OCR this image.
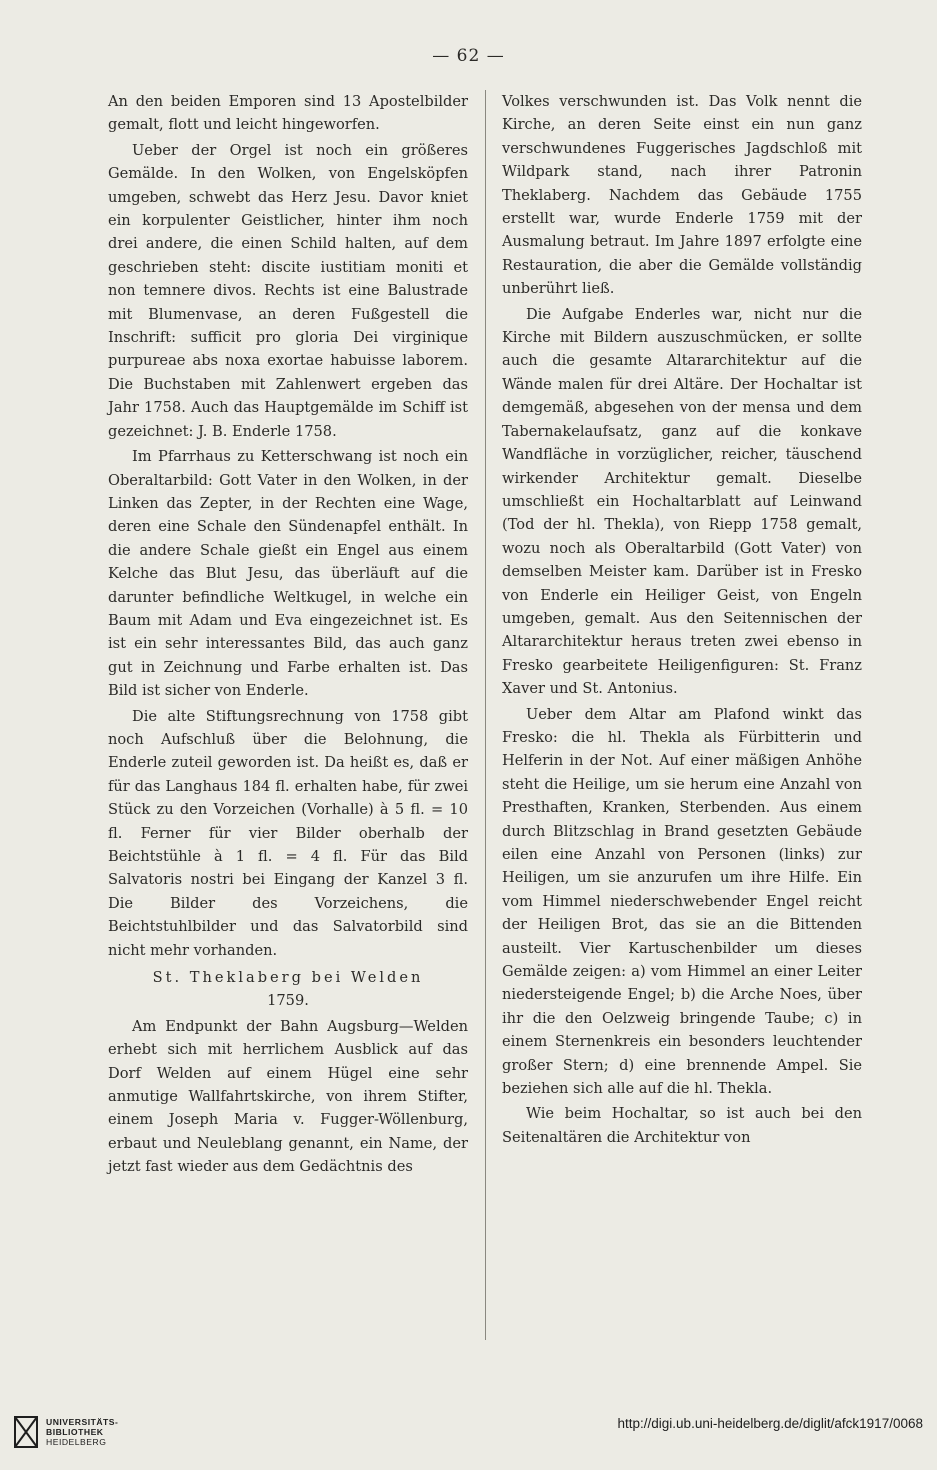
— 62 —

An den beiden Emporen sind 13 Apostelbilder gemalt, flott und leicht hingeworfen.

Ueber der Orgel ist noch ein größeres Gemälde. In den Wolken, von Engelsköpfen umgeben, schwebt das Herz Jesu. Davor kniet ein korpulenter Geistlicher, hinter ihm noch drei andere, die einen Schild halten, auf dem geschrieben steht: discite iustitiam moniti et non temnere divos. Rechts ist eine Balustrade mit Blumenvase, an deren Fußgestell die Inschrift: sufficit pro gloria Dei virginique purpureae abs noxa exortae habuisse laborem. Die Buchstaben mit Zahlenwert ergeben das Jahr 1758. Auch das Hauptgemälde im Schiff ist gezeichnet: J. B. Enderle 1758.

Im Pfarrhaus zu Ketterschwang ist noch ein Oberaltarbild: Gott Vater in den Wolken, in der Linken das Zepter, in der Rechten eine Wage, deren eine Schale den Sündenapfel enthält. In die andere Schale gießt ein Engel aus einem Kelche das Blut Jesu, das überläuft auf die darunter befindliche Weltkugel, in welche ein Baum mit Adam und Eva eingezeichnet ist. Es ist ein sehr interessantes Bild, das auch ganz gut in Zeichnung und Farbe erhalten ist. Das Bild ist sicher von Enderle.

Die alte Stiftungsrechnung von 1758 gibt noch Aufschluß über die Belohnung, die Enderle zuteil geworden ist. Da heißt es, daß er für das Langhaus 184 fl. erhalten habe, für zwei Stück zu den Vorzeichen (Vorhalle) à 5 fl. = 10 fl. Ferner für vier Bilder oberhalb der Beichtstühle à 1 fl. = 4 fl. Für das Bild Salvatoris nostri bei Eingang der Kanzel 3 fl. Die Bilder des Vorzeichens, die Beichtstuhlbilder und das Salvatorbild sind nicht mehr vorhanden.

St. Theklaberg bei Welden
1759.

Am Endpunkt der Bahn Augsburg—Welden erhebt sich mit herrlichem Ausblick auf das Dorf Welden auf einem Hügel eine sehr anmutige Wallfahrtskirche, von ihrem Stifter, einem Joseph Maria v. Fugger-Wöllenburg, erbaut und Neuleblang genannt, ein Name, der jetzt fast wieder aus dem Gedächtnis des

Volkes verschwunden ist. Das Volk nennt die Kirche, an deren Seite einst ein nun ganz verschwundenes Fuggerisches Jagdschloß mit Wildpark stand, nach ihrer Patronin Theklaberg. Nachdem das Gebäude 1755 erstellt war, wurde Enderle 1759 mit der Ausmalung betraut. Im Jahre 1897 erfolgte eine Restauration, die aber die Gemälde vollständig unberührt ließ.

Die Aufgabe Enderles war, nicht nur die Kirche mit Bildern auszuschmücken, er sollte auch die gesamte Altararchitektur auf die Wände malen für drei Altäre. Der Hochaltar ist demgemäß, abgesehen von der mensa und dem Tabernakelaufsatz, ganz auf die konkave Wandfläche in vorzüglicher, reicher, täuschend wirkender Architektur gemalt. Dieselbe umschließt ein Hochaltarblatt auf Leinwand (Tod der hl. Thekla), von Riepp 1758 gemalt, wozu noch als Oberaltarbild (Gott Vater) von demselben Meister kam. Darüber ist in Fresko von Enderle ein Heiliger Geist, von Engeln umgeben, gemalt. Aus den Seitennischen der Altararchitektur heraus treten zwei ebenso in Fresko gearbeitete Heiligenfiguren: St. Franz Xaver und St. Antonius.

Ueber dem Altar am Plafond winkt das Fresko: die hl. Thekla als Fürbitterin und Helferin in der Not. Auf einer mäßigen Anhöhe steht die Heilige, um sie herum eine Anzahl von Presthaften, Kranken, Sterbenden. Aus einem durch Blitzschlag in Brand gesetzten Gebäude eilen eine Anzahl von Personen (links) zur Heiligen, um sie anzurufen um ihre Hilfe. Ein vom Himmel niederschwebender Engel reicht der Heiligen Brot, das sie an die Bittenden austeilt. Vier Kartuschenbilder um dieses Gemälde zeigen: a) vom Himmel an einer Leiter niedersteigende Engel; b) die Arche Noes, über ihr die den Oelzweig bringende Taube; c) in einem Sternenkreis ein besonders leuchtender großer Stern; d) eine brennende Ampel. Sie beziehen sich alle auf die hl. Thekla.

Wie beim Hochaltar, so ist auch bei den Seitenaltären die Architektur von

UNIVERSITÄTS-
BIBLIOTHEK
HEIDELBERG
http://digi.ub.uni-heidelberg.de/diglit/afck1917/0068
